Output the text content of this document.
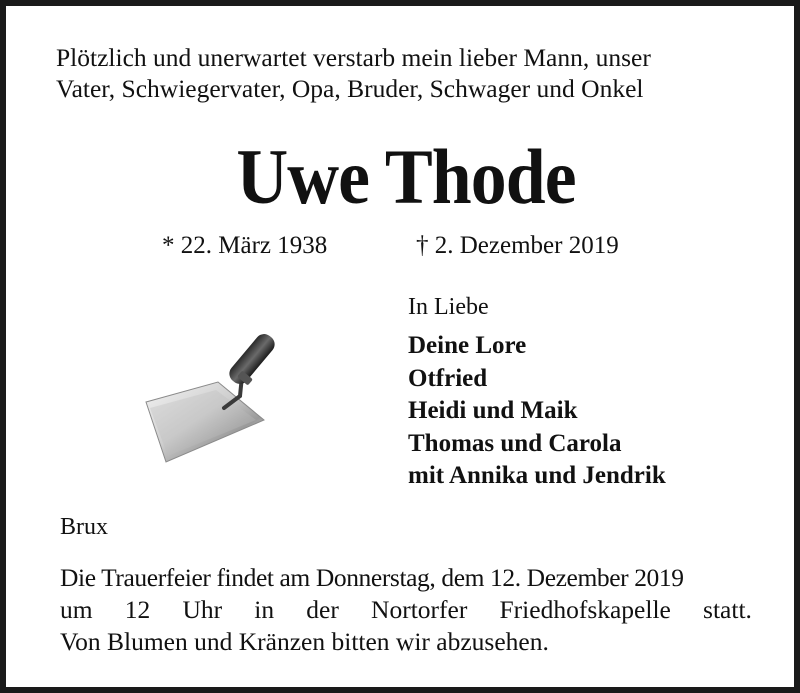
Plötzlich und unerwartet verstarb mein lieber Mann, unser
Vater, Schwiegervater, Opa, Bruder, Schwager und Onkel
Uwe Thode
* 22. März 1938	† 2. Dezember 2019
In Liebe
Deine Lore
Otfried
Heidi und Maik
Thomas und Carola
mit Annika und Jendrik
Brux
Die Trauerfeier findet am Donnerstag, dem 12. Dezember 2019
um 12 Uhr in der Nortorfer Friedhofskapelle statt.
Von Blumen und Kränzen bitten wir abzusehen.
